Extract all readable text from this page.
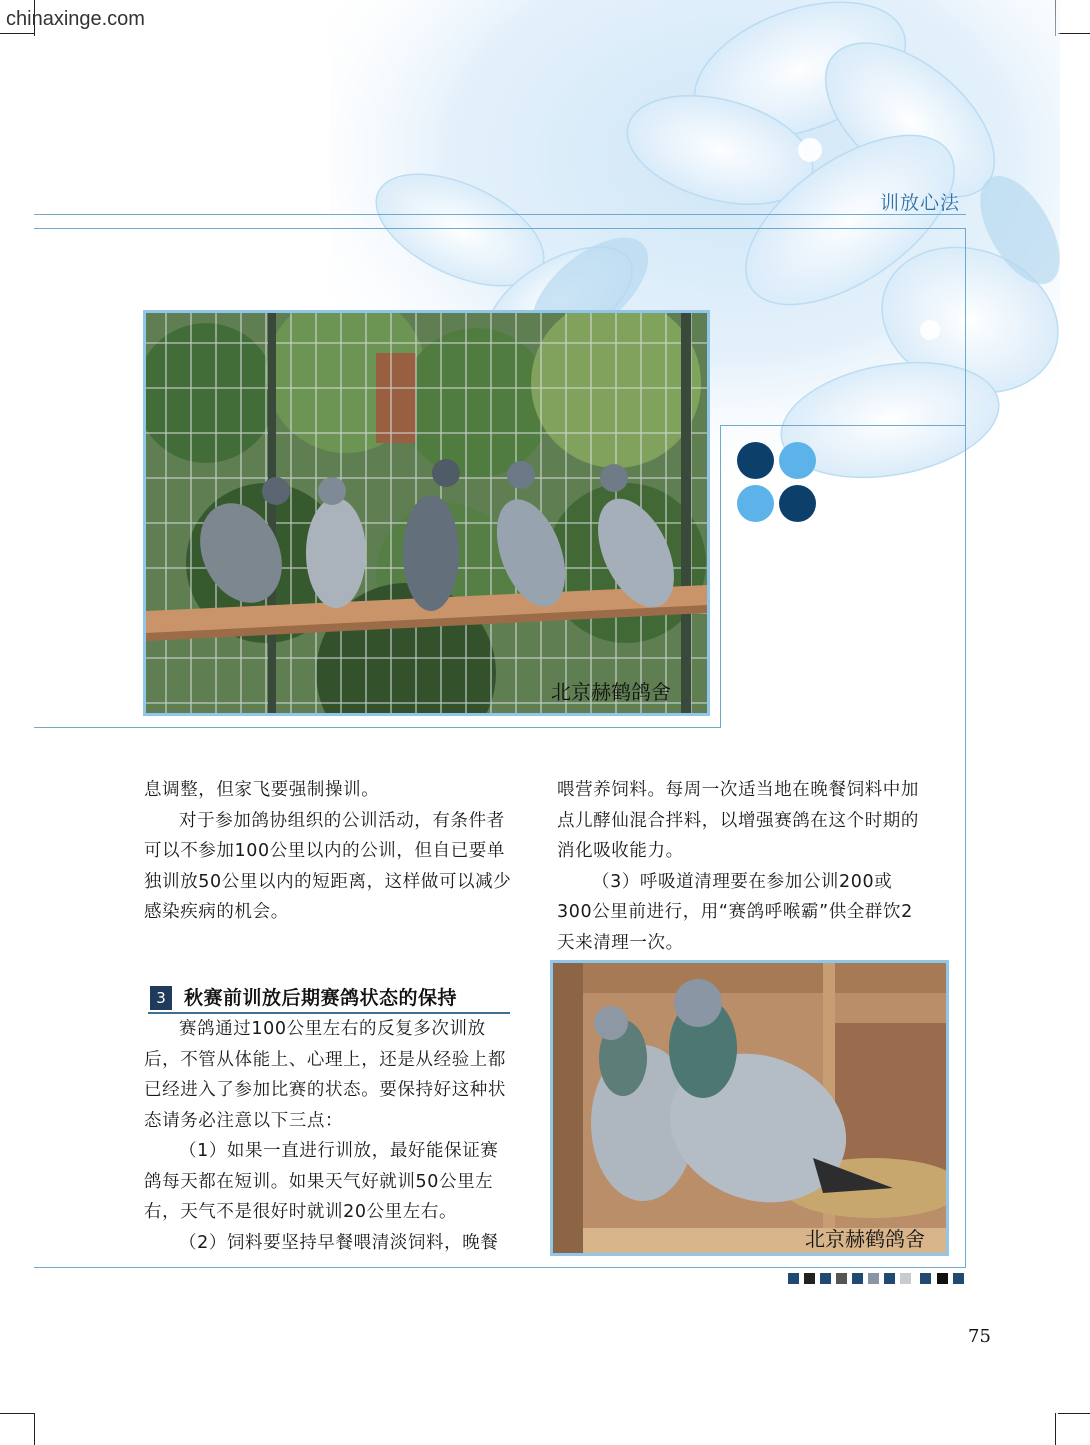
chinaxinge.com
训放心法
北京赫鹤鸽舍

息调整，但家飞要强制操训。

对于参加鸽协组织的公训活动，有条件者可以不参加100公里以内的公训，但自已要单独训放50公里以内的短距离，这样做可以减少感染疾病的机会。

3 秋赛前训放后期赛鸽状态的保持

赛鸽通过100公里左右的反复多次训放后，不管从体能上、心理上，还是从经验上都已经进入了参加比赛的状态。要保持好这种状态请务必注意以下三点：

（1）如果一直进行训放，最好能保证赛鸽每天都在短训。如果天气好就训50公里左右，天气不是很好时就训20公里左右。

（2）饲料要坚持早餐喂清淡饲料，晚餐

喂营养饲料。每周一次适当地在晚餐饲料中加点儿酵仙混合拌料，以增强赛鸽在这个时期的消化吸收能力。

（3）呼吸道清理要在参加公训200或300公里前进行，用“赛鸽呼喉霸”供全群饮2天来清理一次。

北京赫鹤鸽舍
75
